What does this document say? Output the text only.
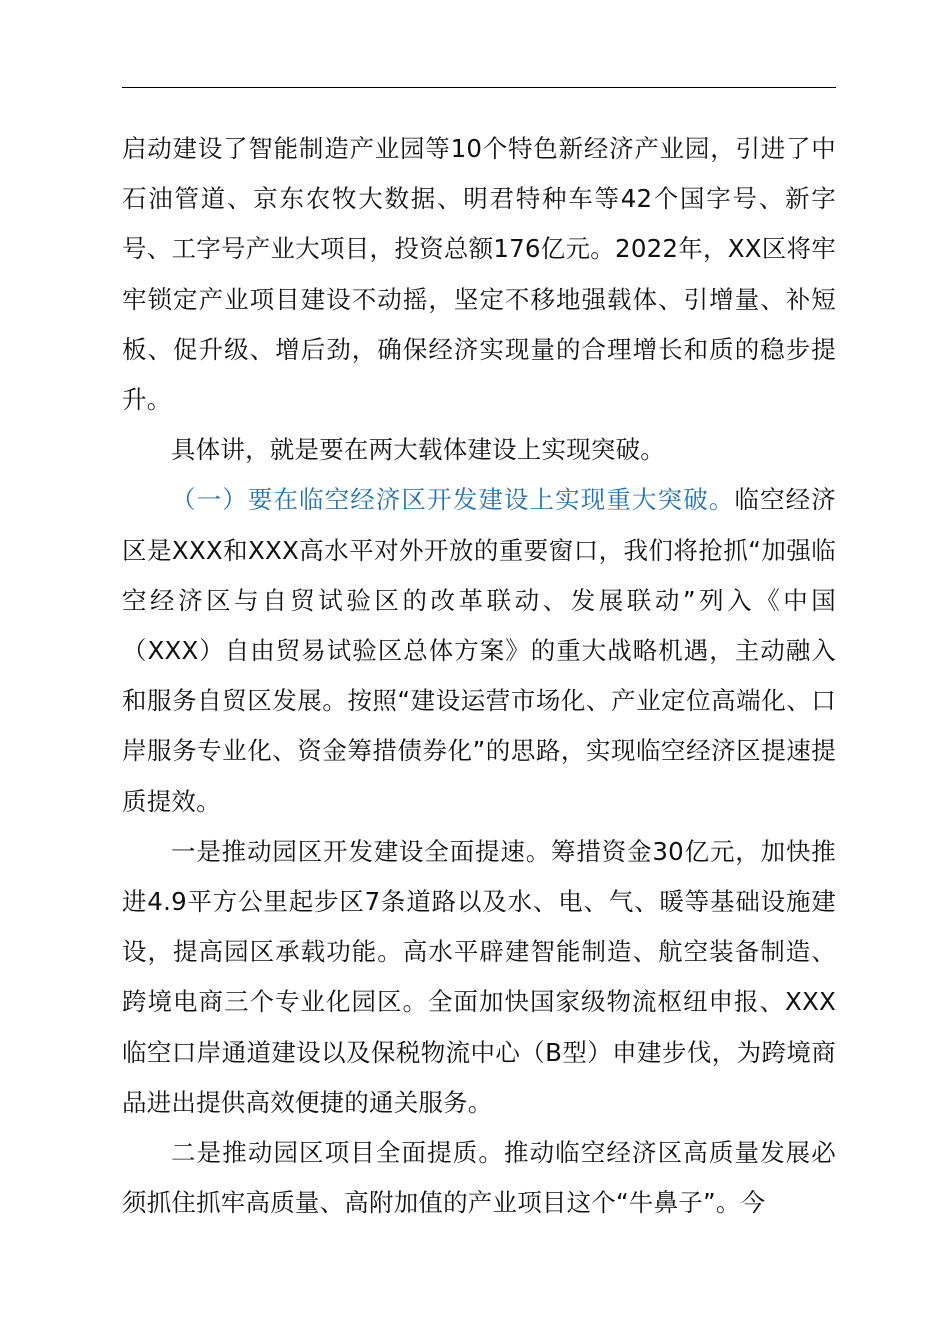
启动建设了智能制造产业园等10个特色新经济产业园，引进了中石油管道、京东农牧大数据、明君特种车等42个国字号、新字号、工字号产业大项目，投资总额176亿元。2022年，XX区将牢牢锁定产业项目建设不动摇，坚定不移地强载体、引增量、补短板、促升级、增后劲，确保经济实现量的合理增长和质的稳步提升。

具体讲，就是要在两大载体建设上实现突破。

（一）要在临空经济区开发建设上实现重大突破。临空经济区是XXX和XXX高水平对外开放的重要窗口，我们将抢抓“加强临空经济区与自贸试验区的改革联动、发展联动”列入《中国（XXX）自由贸易试验区总体方案》的重大战略机遇，主动融入和服务自贸区发展。按照“建设运营市场化、产业定位高端化、口岸服务专业化、资金筹措债券化”的思路，实现临空经济区提速提质提效。

一是推动园区开发建设全面提速。筹措资金30亿元，加快推进4.9平方公里起步区7条道路以及水、电、气、暖等基础设施建设，提高园区承载功能。高水平辟建智能制造、航空装备制造、跨境电商三个专业化园区。全面加快国家级物流枢纽申报、XXX临空口岸通道建设以及保税物流中心（B型）申建步伐，为跨境商品进出提供高效便捷的通关服务。

二是推动园区项目全面提质。推动临空经济区高质量发展必须抓住抓牢高质量、高附加值的产业项目这个“牛鼻子”。今
